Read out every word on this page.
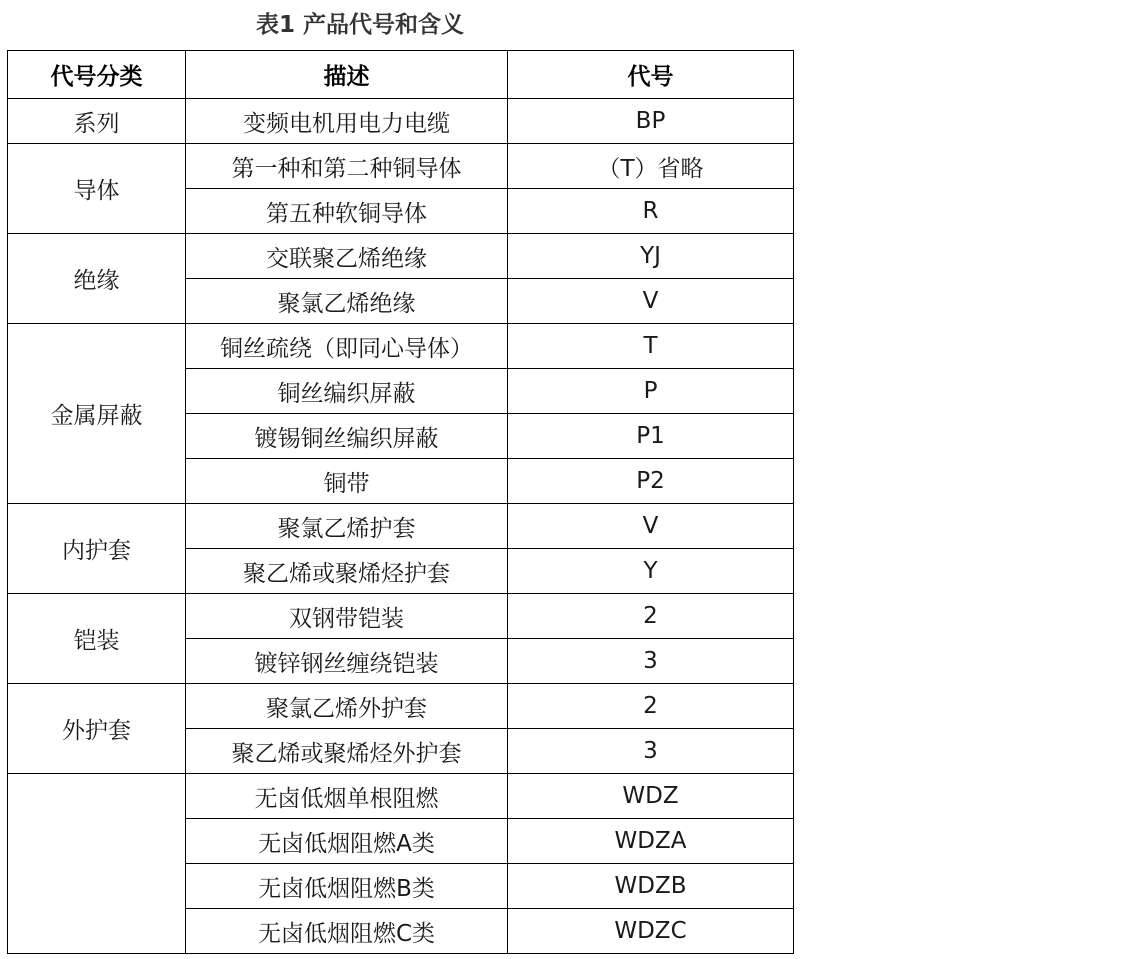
表1 产品代号和含义
代号分类	描述	代号
系列	变频电机用电力电缆	BP
导体	第一种和第二种铜导体	（T）省略
	第五种软铜导体	R
绝缘	交联聚乙烯绝缘	YJ
	聚氯乙烯绝缘	V
金属屏蔽	铜丝疏绕（即同心导体）	T
	铜丝编织屏蔽	P
	镀锡铜丝编织屏蔽	P1
	铜带	P2
内护套	聚氯乙烯护套	V
	聚乙烯或聚烯烃护套	Y
铠装	双钢带铠装	2
	镀锌钢丝缠绕铠装	3
外护套	聚氯乙烯外护套	2
	聚乙烯或聚烯烃外护套	3
	无卤低烟单根阻燃	WDZ
	无卤低烟阻燃A类	WDZA
	无卤低烟阻燃B类	WDZB
	无卤低烟阻燃C类	WDZC
